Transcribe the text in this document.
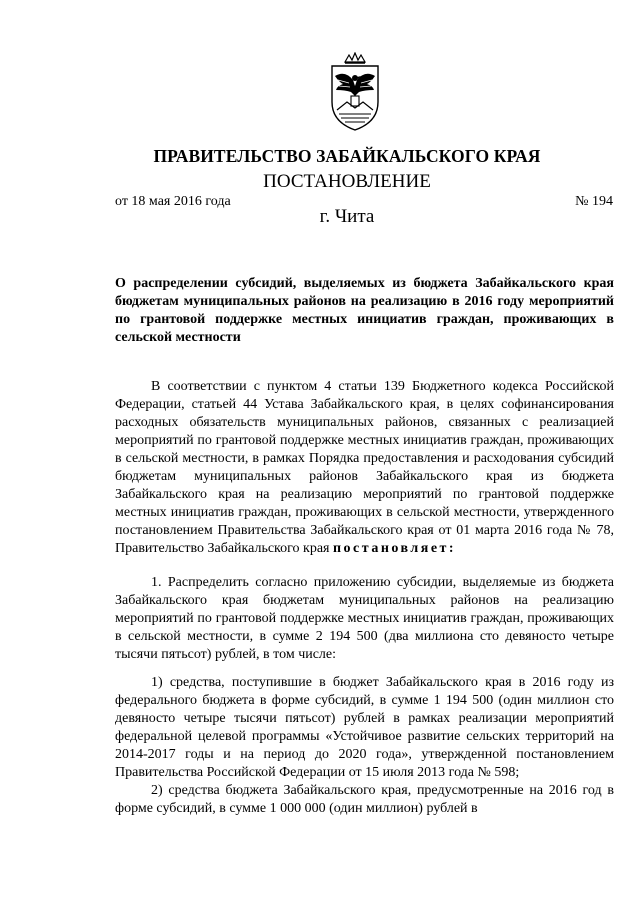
ПРАВИТЕЛЬСТВО ЗАБАЙКАЛЬСКОГО КРАЯ
ПОСТАНОВЛЕНИЕ
от 18 мая 2016 года	№ 194
г. Чита
О распределении субсидий, выделяемых из бюджета Забайкальского края бюджетам муниципальных районов на реализацию в 2016 году мероприятий по грантовой поддержке местных инициатив граждан, проживающих в сельской местности

В соответствии с пунктом 4 статьи 139 Бюджетного кодекса Российской Федерации, статьей 44 Устава Забайкальского края, в целях софинансирования расходных обязательств муниципальных районов, связанных с реализацией мероприятий по грантовой поддержке местных инициатив граждан, проживающих в сельской местности, в рамках Порядка предоставления и расходования субсидий бюджетам муниципальных районов Забайкальского края из бюджета Забайкальского края на реализацию мероприятий по грантовой поддержке местных инициатив граждан, проживающих в сельской местности, утвержденного постановлением Правительства Забайкальского края от 01 марта 2016 года № 78, Правительство Забайкальского края постановляет:

1. Распределить согласно приложению субсидии, выделяемые из бюджета Забайкальского края бюджетам муниципальных районов на реализацию мероприятий по грантовой поддержке местных инициатив граждан, проживающих в сельской местности, в сумме 2 194 500 (два миллиона сто девяносто четыре тысячи пятьсот) рублей, в том числе:

1) средства, поступившие в бюджет Забайкальского края в 2016 году из федерального бюджета в форме субсидий, в сумме 1 194 500 (один миллион сто девяносто четыре тысячи пятьсот) рублей в рамках реализации мероприятий федеральной целевой программы «Устойчивое развитие сельских территорий на 2014-2017 годы и на период до 2020 года», утвержденной постановлением Правительства Российской Федерации от 15 июля 2013 года № 598;

2) средства бюджета Забайкальского края, предусмотренные на 2016 год в форме субсидий, в сумме 1 000 000 (один миллион) рублей в
